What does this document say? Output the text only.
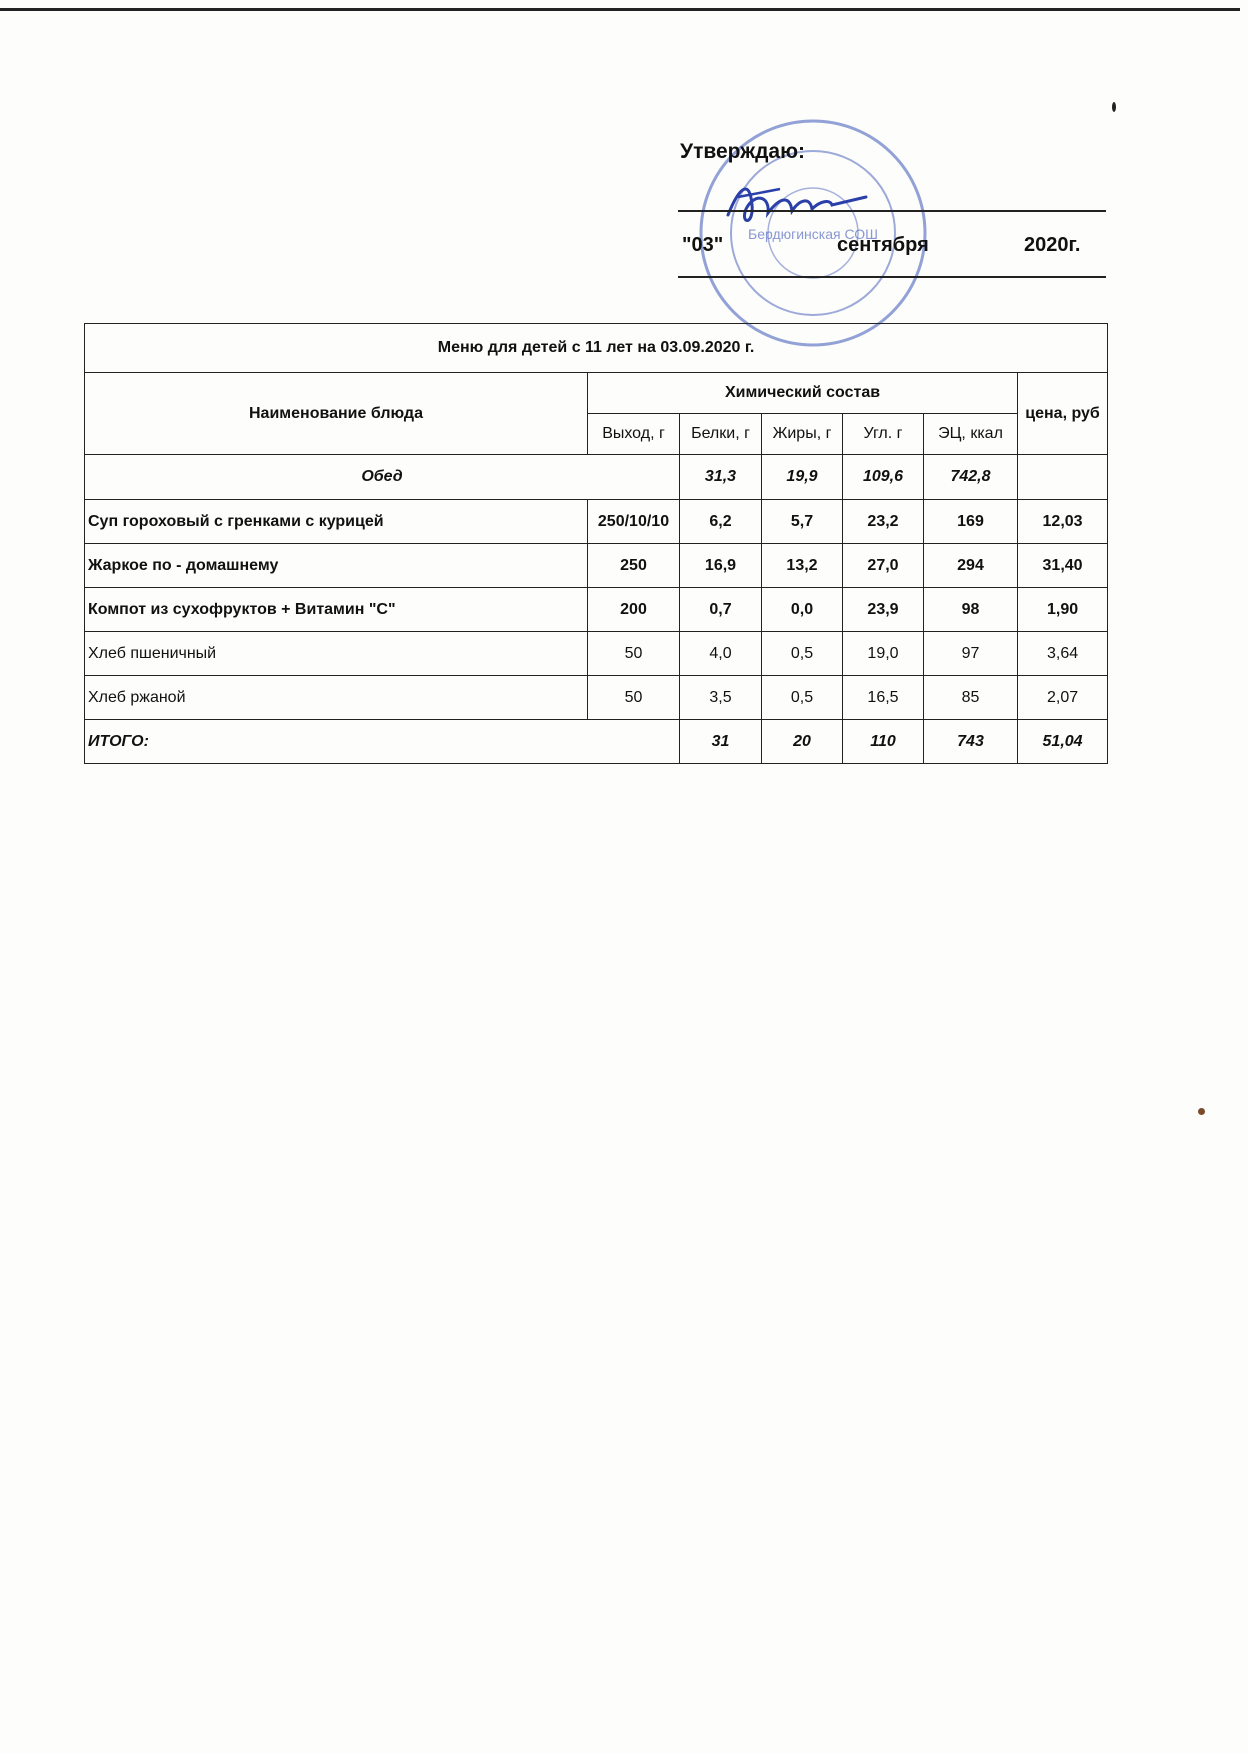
Бердюгинская СОШ
Утверждаю:
"03"	сентября	2020г.
Меню для детей с 11 лет на 03.09.2020 г.						
Наименование блюда	Химический состав					цена, руб
	Выход, г	Белки, г	Жиры, г	Угл. г	ЭЦ, ккал	
Обед		31,3	19,9	109,6	742,8	
Суп гороховый с гренками с курицей	250/10/10	6,2	5,7	23,2	169	12,03
Жаркое по - домашнему	250	16,9	13,2	27,0	294	31,40
Компот из сухофруктов + Витамин "С"	200	0,7	0,0	23,9	98	1,90
Хлеб пшеничный	50	4,0	0,5	19,0	97	3,64
Хлеб ржаной	50	3,5	0,5	16,5	85	2,07
ИТОГО:		31	20	110	743	51,04
